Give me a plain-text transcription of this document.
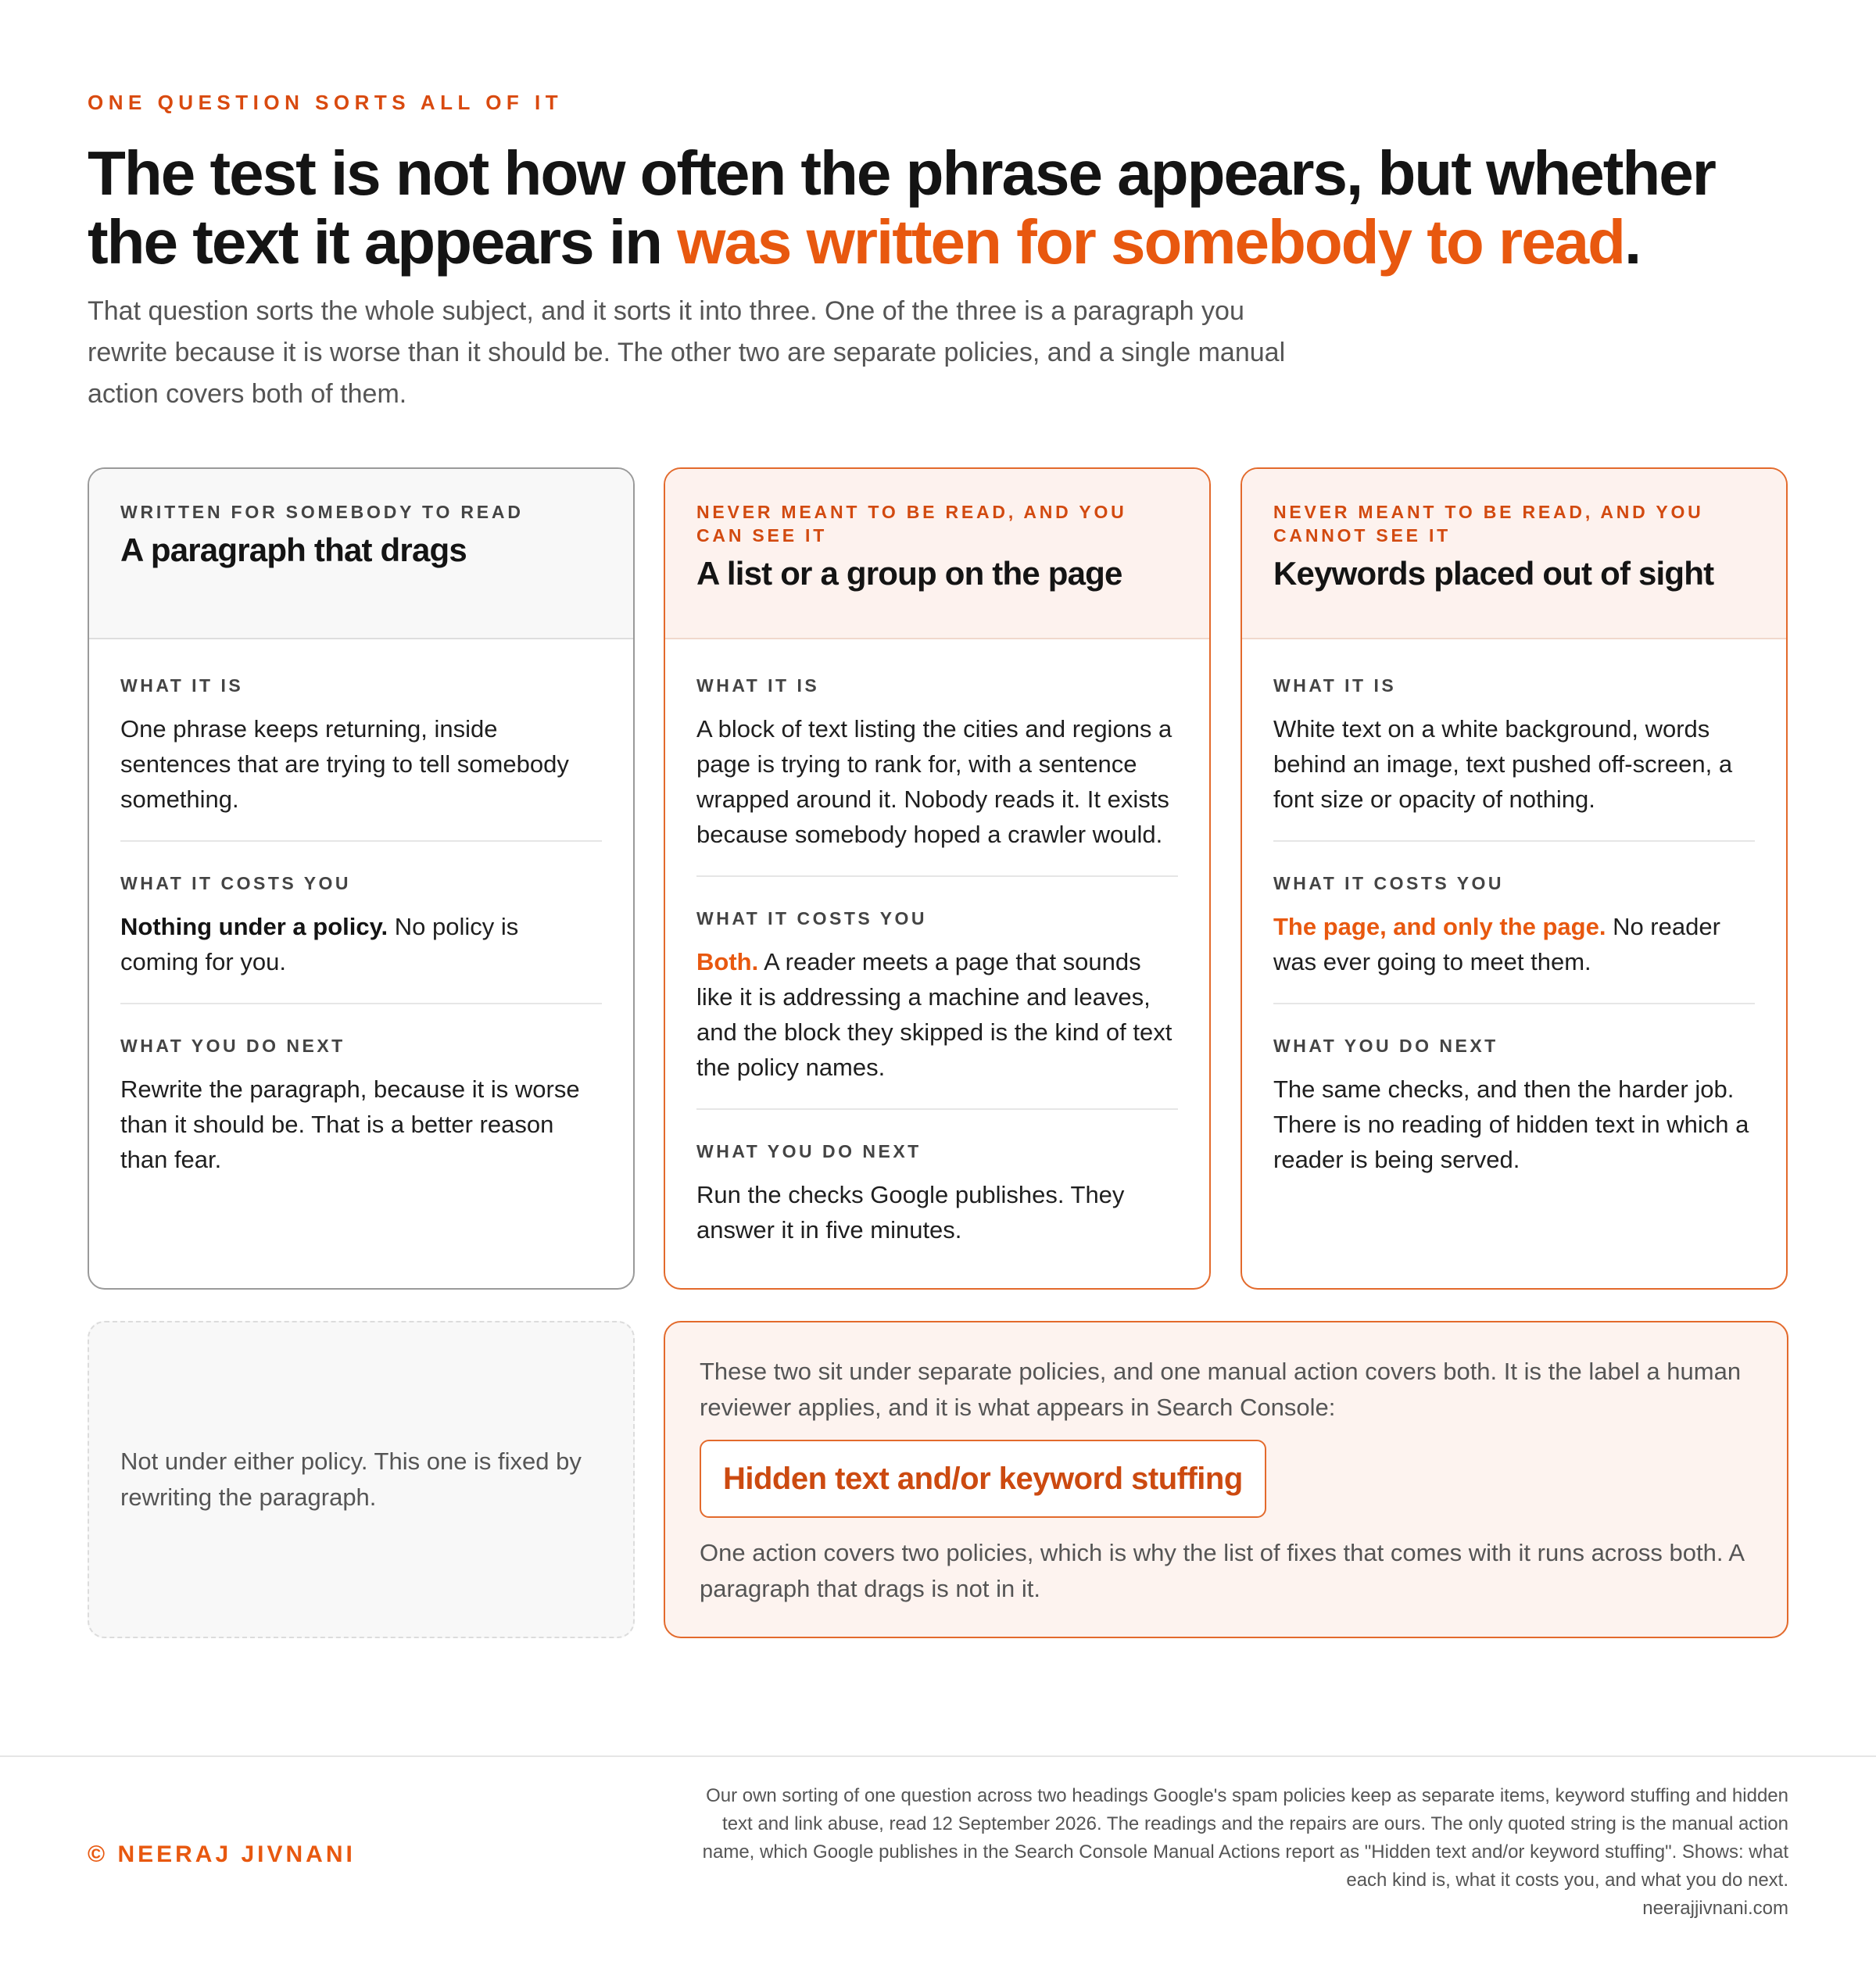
ONE QUESTION SORTS ALL OF IT
The test is not how often the phrase appears, but whether the text it appears in was written for somebody to read.
That question sorts the whole subject, and it sorts it into three. One of the three is a paragraph you rewrite because it is worse than it should be. The other two are separate policies, and a single manual action covers both of them.
WRITTEN FOR SOMEBODY TO READ
A paragraph that drags
WHAT IT IS
One phrase keeps returning, inside sentences that are trying to tell somebody something.
WHAT IT COSTS YOU
Nothing under a policy. No policy is coming for you.
WHAT YOU DO NEXT
Rewrite the paragraph, because it is worse than it should be. That is a better reason than fear.
NEVER MEANT TO BE READ, AND YOU CAN SEE IT
A list or a group on the page
WHAT IT IS
A block of text listing the cities and regions a page is trying to rank for, with a sentence wrapped around it. Nobody reads it. It exists because somebody hoped a crawler would.
WHAT IT COSTS YOU
Both. A reader meets a page that sounds like it is addressing a machine and leaves, and the block they skipped is the kind of text the policy names.
WHAT YOU DO NEXT
Run the checks Google publishes. They answer it in five minutes.
NEVER MEANT TO BE READ, AND YOU CANNOT SEE IT
Keywords placed out of sight
WHAT IT IS
White text on a white background, words behind an image, text pushed off-screen, a font size or opacity of nothing.
WHAT IT COSTS YOU
The page, and only the page. No reader was ever going to meet them.
WHAT YOU DO NEXT
The same checks, and then the harder job. There is no reading of hidden text in which a reader is being served.
Not under either policy. This one is fixed by rewriting the paragraph.
These two sit under separate policies, and one manual action covers both. It is the label a human reviewer applies, and it is what appears in Search Console:
Hidden text and/or keyword stuffing
One action covers two policies, which is why the list of fixes that comes with it runs across both. A paragraph that drags is not in it.
© NEERAJ JIVNANI
Our own sorting of one question across two headings Google's spam policies keep as separate items, keyword stuffing and hidden text and link abuse, read 12 September 2026. The readings and the repairs are ours. The only quoted string is the manual action name, which Google publishes in the Search Console Manual Actions report as "Hidden text and/or keyword stuffing". Shows: what each kind is, what it costs you, and what you do next.
neerajjivnani.com
